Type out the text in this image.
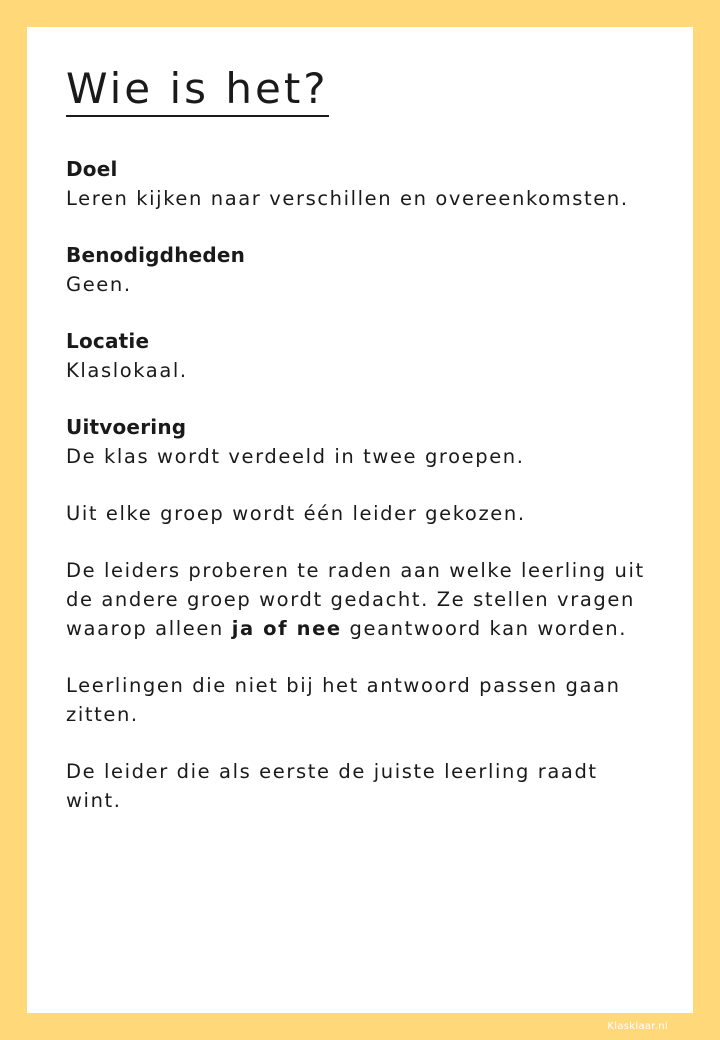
Wie is het?

Doel

Leren kijken naar verschillen en overeenkomsten.

Benodigdheden

Geen.

Locatie

Klaslokaal.

Uitvoering

De klas wordt verdeeld in twee groepen.

Uit elke groep wordt één leider gekozen.

De leiders proberen te raden aan welke leerling uit

de andere groep wordt gedacht. Ze stellen vragen

waarop alleen ja of nee geantwoord kan worden.

Leerlingen die niet bij het antwoord passen gaan

zitten.

De leider die als eerste de juiste leerling raadt

wint.

Klasklaar.nl
